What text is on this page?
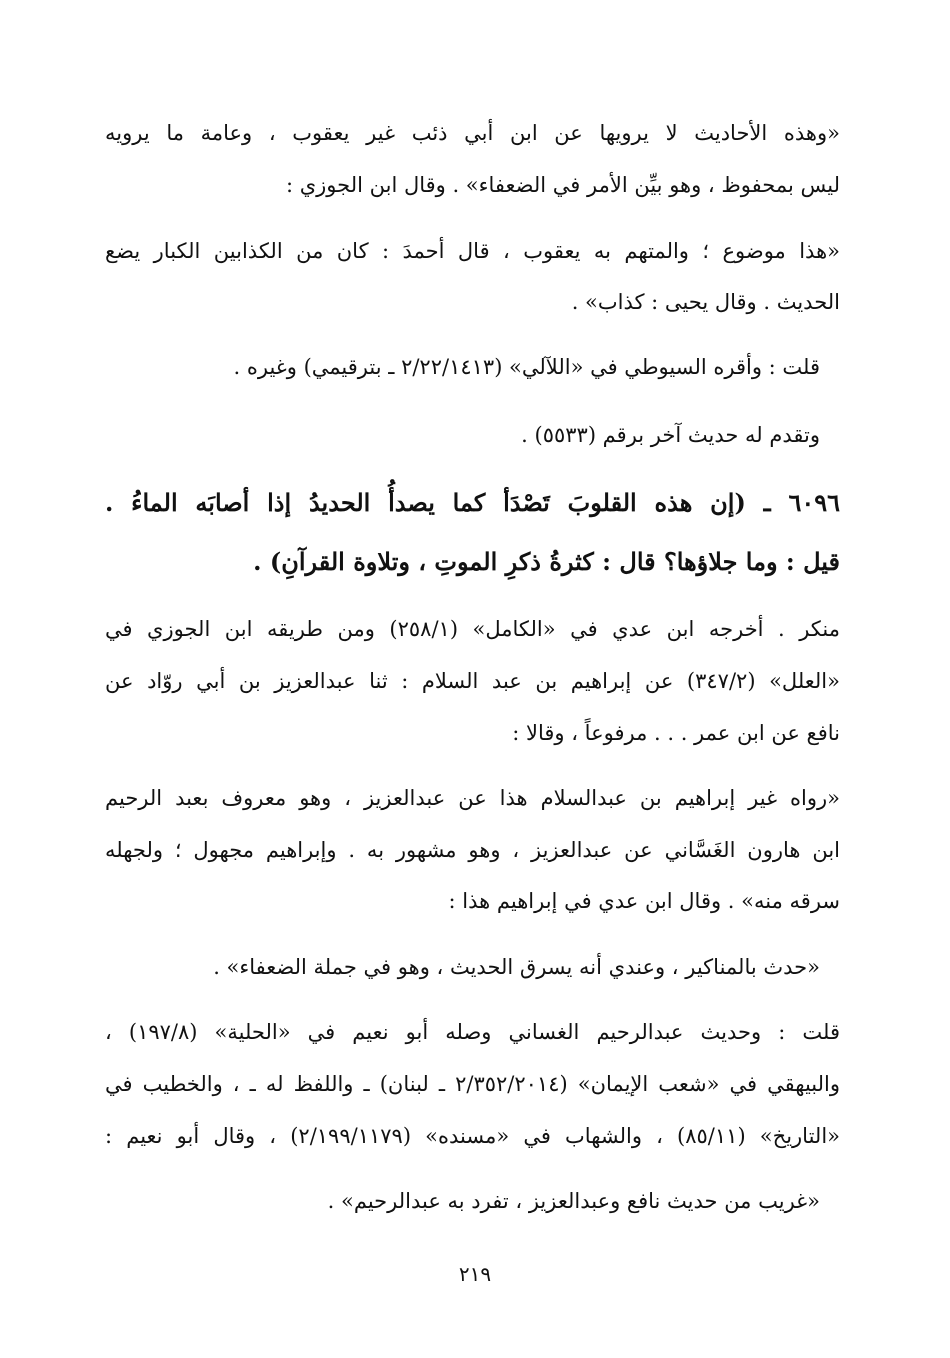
«وهذه الأحاديث لا يرويها عن ابن أبي ذئب غير يعقوب ، وعامة ما يرويه
ليس بمحفوظ ، وهو بيِّن الأمر في الضعفاء» . وقال ابن الجوزي :
«هذا موضوع ؛ والمتهم به يعقوب ، قال أحمدَ : كان من الكذابين الكبار يضع
الحديث . وقال يحيى : كذاب» .
قلت : وأقره السيوطي في «اللآلي» (٢/٢٢/١٤١٣ ـ بترقيمي) وغيره .
وتقدم له حديث آخر برقم (٥٥٣٣) .
٦٠٩٦ ـ (إن هذه القلوبَ تَصْدَأ كما يصدأُ الحديدُ إذا أصابَه الماءُ .
قيل : وما جلاؤها؟ قال : كثرةُ ذكرِ الموتِ ، وتلاوة القرآنِ) .
منكر . أخرجه ابن عدي في «الكامل» (٢٥٨/١) ومن طريقه ابن الجوزي في
«العلل» (٣٤٧/٢) عن إبراهيم بن عبد السلام : ثنا عبدالعزيز بن أبي روّاد عن
نافع عن ابن عمر . . . مرفوعاً ، وقالا :
«رواه غير إبراهيم بن عبدالسلام هذا عن عبدالعزيز ، وهو معروف بعبد الرحيم
ابن هارون الغَسَّاني عن عبدالعزيز ، وهو مشهور به . وإبراهيم مجهول ؛ ولجهله
سرقه منه» . وقال ابن عدي في إبراهيم هذا :
«حدث بالمناكير ، وعندي أنه يسرق الحديث ، وهو في جملة الضعفاء» .
قلت : وحديث عبدالرحيم الغساني وصله أبو نعيم في «الحلية» (١٩٧/٨) ،
والبيهقي في «شعب الإيمان» (٢/٣٥٢/٢٠١٤ ـ لبنان) ـ واللفظ له ـ ، والخطيب في
«التاريخ» (٨٥/١١) ، والشهاب في «مسنده» (٢/١٩٩/١١٧٩) ، وقال أبو نعيم :
«غريب من حديث نافع وعبدالعزيز ، تفرد به عبدالرحيم» .
٢١٩
